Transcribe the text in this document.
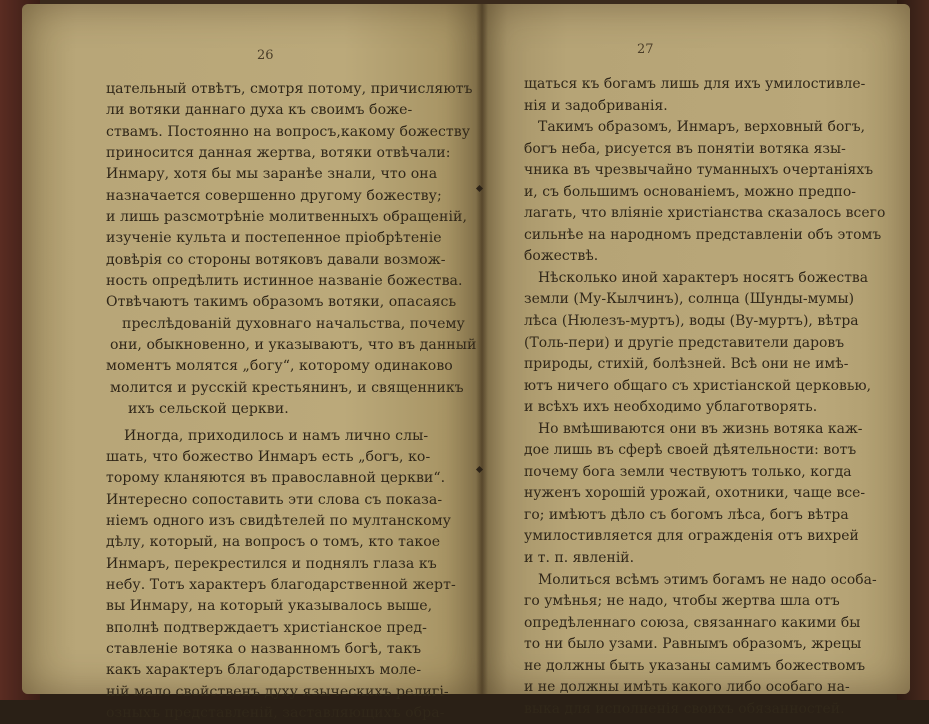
26
цательный отвѣтъ, смотря потому, причисляютъ
ли вотяки даннаго духа къ своимъ боже-
ствамъ. Постоянно на вопросъ,какому божеству
приносится данная жертва, вотяки отвѣчали:
Инмару, хотя бы мы заранѣе знали, что она
назначается совершенно другому божеству;
и лишь разсмотрѣніе молитвенныхъ обращеній,
изученіе культа и постепенное пріобрѣтеніе
довѣрія со стороны вотяковъ давали возмож-
ность опредѣлить истинное названіе божества.
Отвѣчаютъ такимъ образомъ вотяки, опасаясь
преслѣдованій духовнаго начальства, почему
они, обыкновенно, и указываютъ, что въ данный
моментъ молятся „богу“, которому одинаково
молится и русскій крестьянинъ, и священникъ
ихъ сельской церкви.
Иногда, приходилось и намъ лично слы-
шать, что божество Инмаръ есть „богъ, ко-
торому кланяются въ православной церкви“.
Интересно сопоставить эти слова съ показа-
ніемъ одного изъ свидѣтелей по мултанскому
дѣлу, который, на вопросъ о томъ, кто такое
Инмаръ, перекрестился и поднялъ глаза къ
небу. Тотъ характеръ благодарственной жерт-
вы Инмару, на который указывалось выше,
вполнѣ подтверждаетъ христіанское пред-
ставленіе вотяка о названномъ богѣ, такъ
какъ характеръ благодарственныхъ моле-
ній мало свойственъ духу языческихъ религі-
озныхъ представленій, заставляющихъ обра-
27
щаться къ богамъ лишь для ихъ умилостивле-
нія и задобриванія.
Такимъ образомъ, Инмаръ, верховный богъ,
богъ неба, рисуется въ понятіи вотяка язы-
чника въ чрезвычайно туманныхъ очертаніяхъ
и, съ большимъ основаніемъ, можно предпо-
лагать, что вліяніе христіанства сказалось всего
сильнѣе на народномъ представленіи объ этомъ
божествѣ.
Нѣсколько иной характеръ носятъ божества
земли (Му-Кылчинъ), солнца (Шунды-мумы)
лѣса (Нюлезъ-муртъ), воды (Ву-муртъ), вѣтра
(Толь-пери) и другіе представители даровъ
природы, стихій, болѣзней. Всѣ они не имѣ-
ютъ ничего общаго съ христіанской церковью,
и всѣхъ ихъ необходимо ублаготворять.
Но вмѣшиваются они въ жизнь вотяка каж-
дое лишь въ сферѣ своей дѣятельности: вотъ
почему бога земли чествуютъ только, когда
нуженъ хорошій урожай, охотники, чаще все-
го; имѣютъ дѣло съ богомъ лѣса, богъ вѣтра
умилостивляется для огражденія отъ вихрей
и т. п. явленій.
Молиться всѣмъ этимъ богамъ не надо особа-
го умѣнья; не надо, чтобы жертва шла отъ
опредѣленнаго союза, связаннаго какими бы
то ни было узами. Равнымъ образомъ, жрецы
не должны быть указаны самимъ божествомъ
и не должны имѣть какого либо особаго на-
выка для исполненія своихъ обязанностей.
